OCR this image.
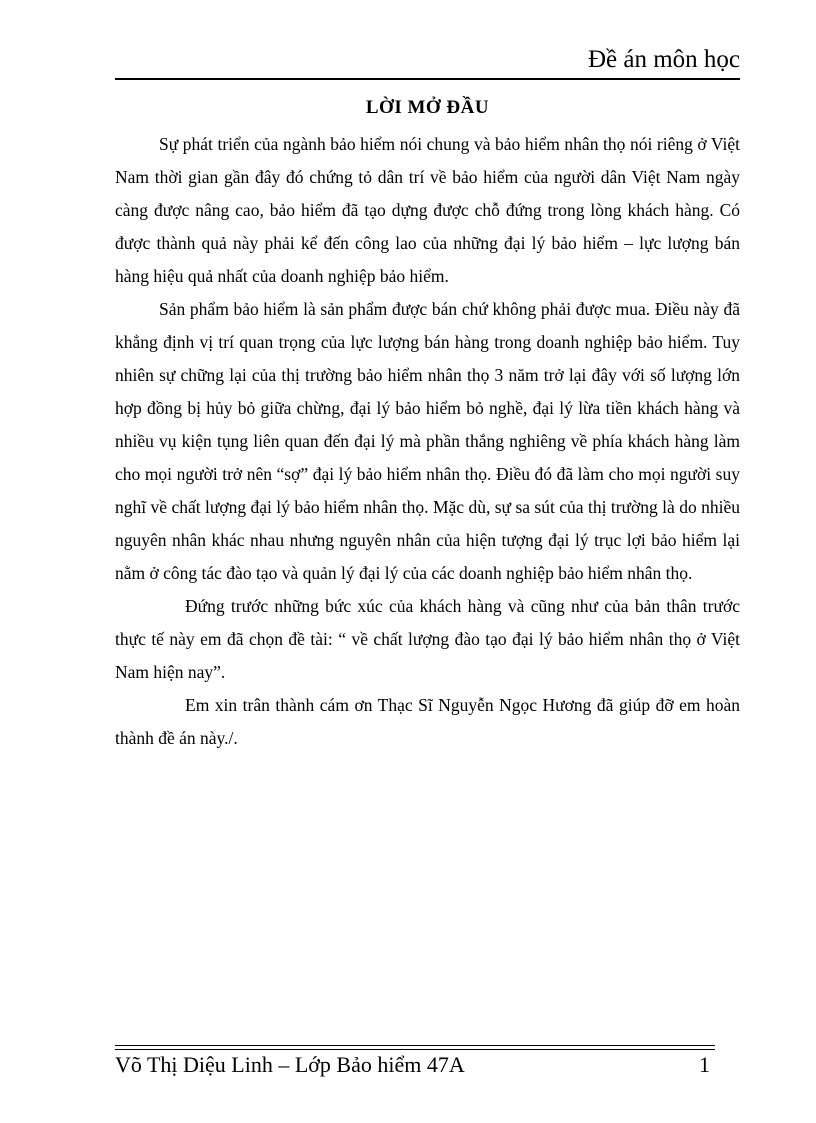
Đề án môn học
LỜI MỞ ĐẦU

Sự phát triển của ngành bảo hiểm nói chung và bảo hiểm nhân thọ nói riêng ở Việt Nam thời gian gần đây đó chứng tỏ dân trí về bảo hiểm của người dân Việt Nam ngày càng được nâng cao, bảo hiểm đã tạo dựng được chỗ đứng trong lòng khách hàng. Có được thành quả này phải kể đến công lao của những đại lý bảo hiểm – lực lượng bán hàng hiệu quả nhất của doanh nghiệp bảo hiểm.

Sản phẩm bảo hiểm là sản phẩm được bán chứ không phải được mua. Điều này đã khẳng định vị trí quan trọng của lực lượng bán hàng trong doanh nghiệp bảo hiểm. Tuy nhiên sự chững lại của thị trường bảo hiểm nhân thọ 3 năm trở lại đây với số lượng lớn hợp đồng bị hủy bỏ giữa chừng, đại lý bảo hiểm bỏ nghề, đại lý lừa tiền khách hàng và nhiều vụ kiện tụng liên quan đến đại lý mà phần thắng nghiêng về phía khách hàng làm cho mọi người trở nên “sợ” đại lý bảo hiểm nhân thọ. Điều đó đã làm cho mọi người suy nghĩ về chất lượng đại lý bảo hiểm nhân thọ. Mặc dù, sự sa sút của thị trường là do nhiều nguyên nhân khác nhau nhưng nguyên nhân của hiện tượng đại lý trục lợi bảo hiểm lại nằm ở công tác đào tạo và quản lý đại lý của các doanh nghiệp bảo hiểm nhân thọ.

Đứng trước những bức xúc của khách hàng và cũng như của bản thân trước thực tế này em đã chọn đề tài: “ về chất lượng đào tạo đại lý bảo hiểm nhân thọ ở Việt Nam hiện nay”.

Em xin trân thành cám ơn Thạc Sĩ Nguyễn Ngọc Hương đã giúp đỡ em hoàn thành đề án này./.

Võ Thị Diệu Linh – Lớp Bảo hiểm 47A	1
